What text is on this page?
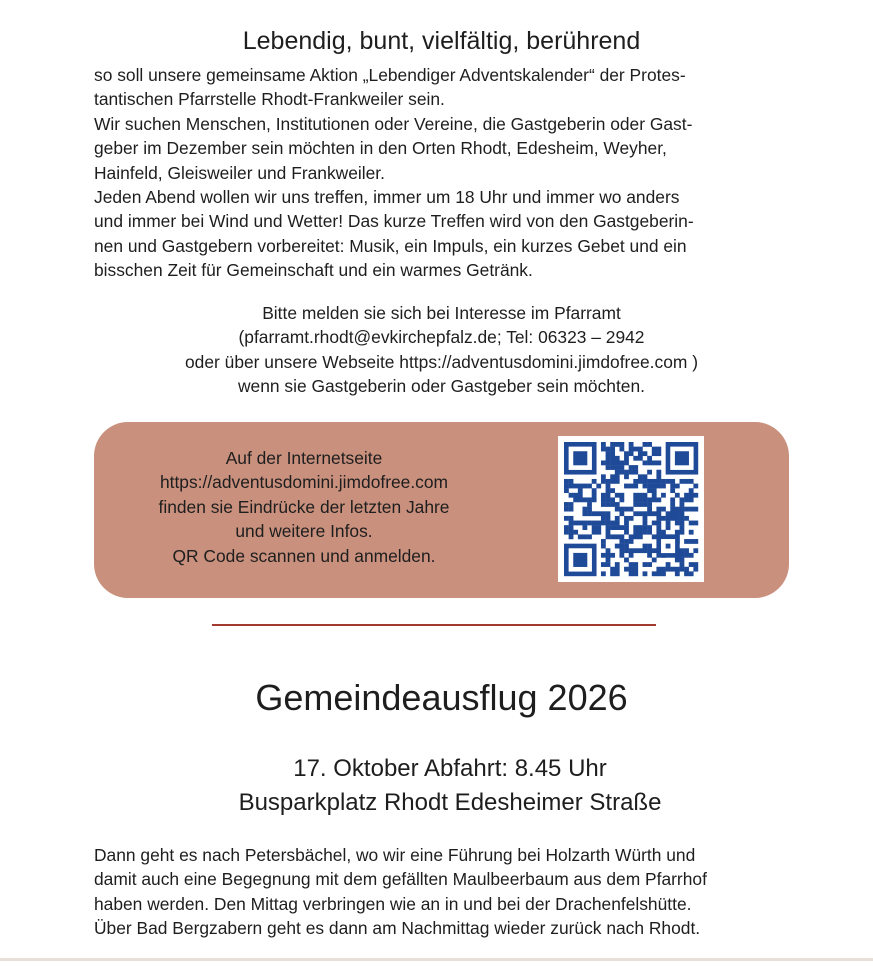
Lebendig, bunt, vielfältig, berührend
so soll unsere gemeinsame Aktion „Lebendiger Adventskalender“ der Protes-
tantischen Pfarrstelle Rhodt-Frankweiler sein.
Wir suchen Menschen, Institutionen oder Vereine, die Gastgeberin oder Gast-
geber im Dezember sein möchten in den Orten Rhodt, Edesheim, Weyher,
Hainfeld, Gleisweiler und Frankweiler.
Jeden Abend wollen wir uns treffen, immer um 18 Uhr und immer wo anders
und immer bei Wind und Wetter! Das kurze Treffen wird von den Gastgeberin-
nen und Gastgebern vorbereitet: Musik, ein Impuls, ein kurzes Gebet und ein
bisschen Zeit für Gemeinschaft und ein warmes Getränk.
Bitte melden sie sich bei Interesse im Pfarramt
(pfarramt.rhodt@evkirchepfalz.de; Tel: 06323 – 2942
oder über unsere Webseite https://adventusdomini.jimdofree.com )
wenn sie Gastgeberin oder Gastgeber sein möchten.
Auf der Internetseite
https://adventusdomini.jimdofree.com
finden sie Eindrücke der letzten Jahre
und weitere Infos.
QR Code scannen und anmelden.
Gemeindeausflug 2026
17. Oktober Abfahrt: 8.45 Uhr
Busparkplatz Rhodt Edesheimer Straße
Dann geht es nach Petersbächel, wo wir eine Führung bei Holzarth Würth und
damit auch eine Begegnung mit dem gefällten Maulbeerbaum aus dem Pfarrhof
haben werden. Den Mittag verbringen wie an in und bei der Drachenfelshütte.
Über Bad Bergzabern geht es dann am Nachmittag wieder zurück nach Rhodt.
